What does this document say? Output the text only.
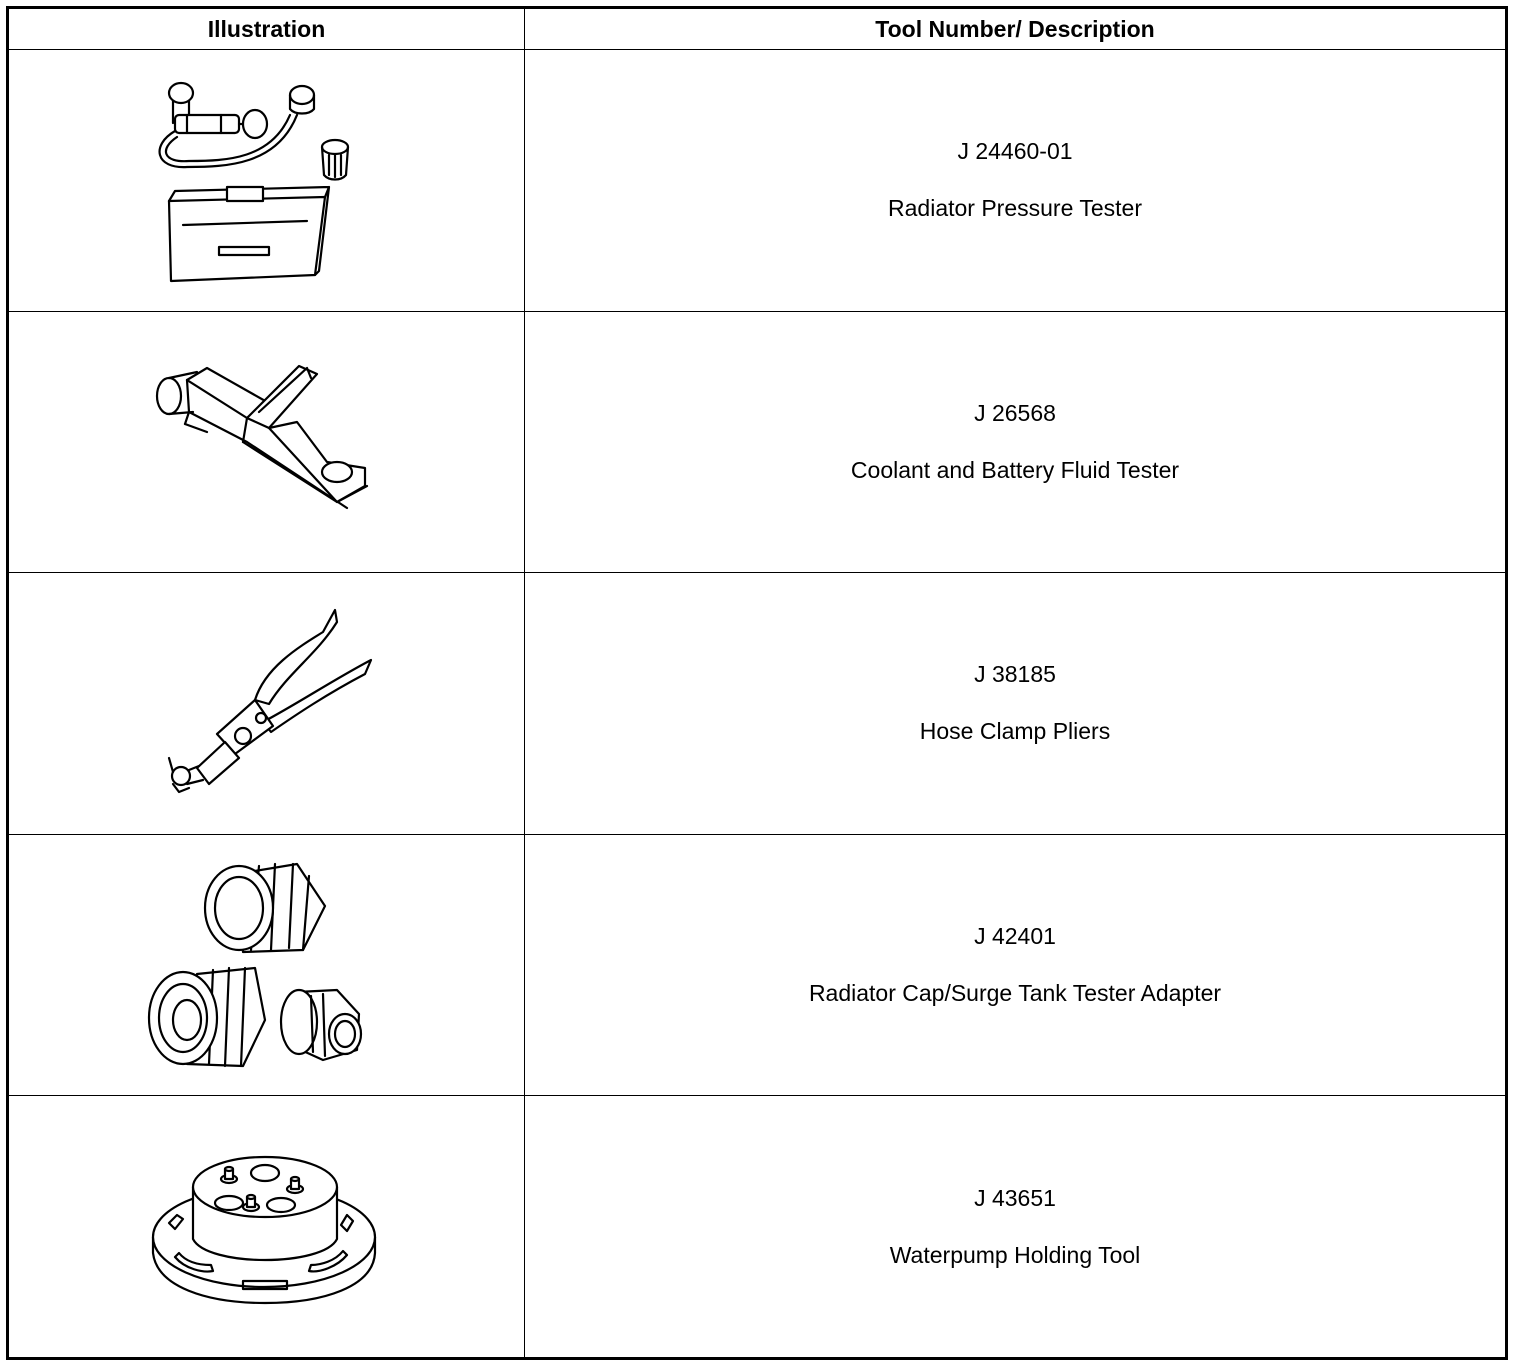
Illustration	Tool Number/ Description

J 24460-01
Radiator Pressure Tester

J 26568
Coolant and Battery Fluid Tester

J 38185
Hose Clamp Pliers

J 42401
Radiator Cap/Surge Tank Tester Adapter

J 43651
Waterpump Holding Tool
